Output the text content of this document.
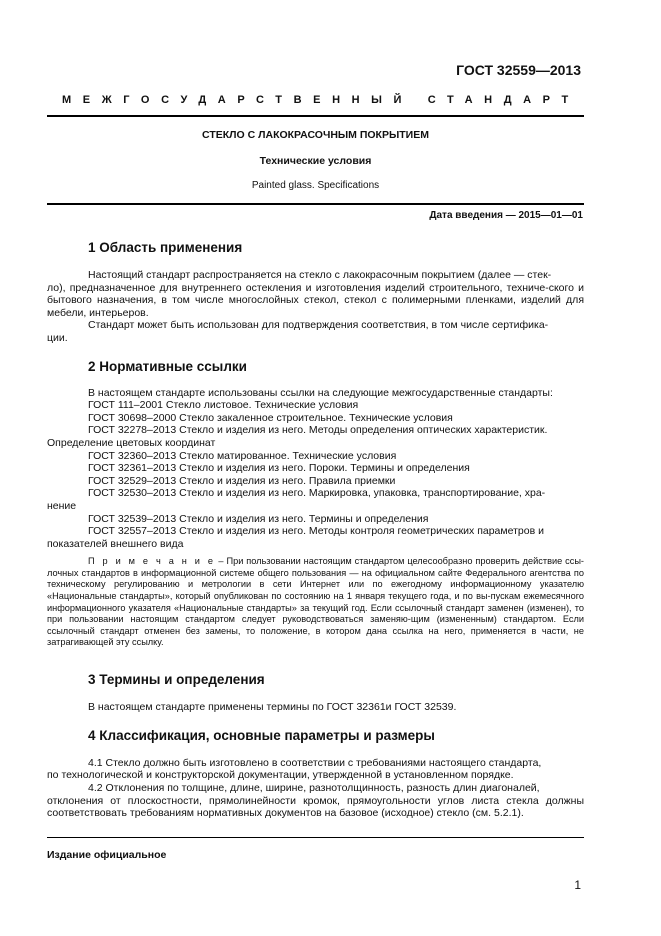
ГОСТ 32559—2013
МЕЖГОСУДАРСТВЕННЫЙ СТАНДАРТ
СТЕКЛО С ЛАКОКРАСОЧНЫМ ПОКРЫТИЕМ
Технические условия
Painted glass. Specifications
Дата введения — 2015—01—01
1 Область применения

Настоящий стандарт распространяется на стекло с лакокрасочным покрытием (далее — стек-

ло), предназначенное для внутреннего остекления и изготовления изделий строительного, техниче-ского и бытового назначения, в том числе многослойных стекол, стекол с полимерными пленками, изделий для мебели, интерьеров.

Стандарт может быть использован для подтверждения соответствия, в том числе сертифика-

ции.

2 Нормативные ссылки

В настоящем стандарте использованы ссылки на следующие межгосударственные стандарты:

ГОСТ 111–2001 Стекло листовое. Технические условия

ГОСТ 30698–2000 Стекло закаленное строительное. Технические условия

ГОСТ 32278–2013 Стекло и изделия из него. Методы определения оптических характеристик.

Определение цветовых координат

ГОСТ 32360–2013 Стекло матированное. Технические условия

ГОСТ 32361–2013 Стекло и изделия из него. Пороки. Термины и определения

ГОСТ 32529–2013 Стекло и изделия из него. Правила приемки

ГОСТ 32530–2013 Стекло и изделия из него. Маркировка, упаковка, транспортирование, хра-

нение

ГОСТ 32539–2013 Стекло и изделия из него. Термины и определения

ГОСТ 32557–2013 Стекло и изделия из него. Методы контроля геометрических параметров и

показателей внешнего вида

П р и м е ч а н и е – При пользовании настоящим стандартом целесообразно проверить действие ссы-лочных стандартов в информационной системе общего пользования — на официальном сайте Федерального агентства по техническому регулированию и метрологии в сети Интернет или по ежегодному информационному указателю «Национальные стандарты», который опубликован по состоянию на 1 января текущего года, и по вы-пускам ежемесячного информационного указателя «Национальные стандарты» за текущий год. Если ссылочный стандарт заменен (изменен), то при пользовании настоящим стандартом следует руководствоваться заменяю-щим (измененным) стандартом. Если ссылочный стандарт отменен без замены, то положение, в котором дана ссылка на него, применяется в части, не затрагивающей эту ссылку.

3 Термины и определения

В настоящем стандарте применены термины по ГОСТ 32361и ГОСТ 32539.

4 Классификация, основные параметры и размеры

4.1 Стекло должно быть изготовлено в соответствии с требованиями настоящего стандарта,

по технологической и конструкторской документации, утвержденной в установленном порядке.

4.2 Отклонения по толщине, длине, ширине, разнотолщинность, разность длин диагоналей,

отклонения от плоскостности, прямолинейности кромок, прямоугольности углов листа стекла должны соответствовать требованиям нормативных документов на базовое (исходное) стекло (см. 5.2.1).

Издание официальное
1
